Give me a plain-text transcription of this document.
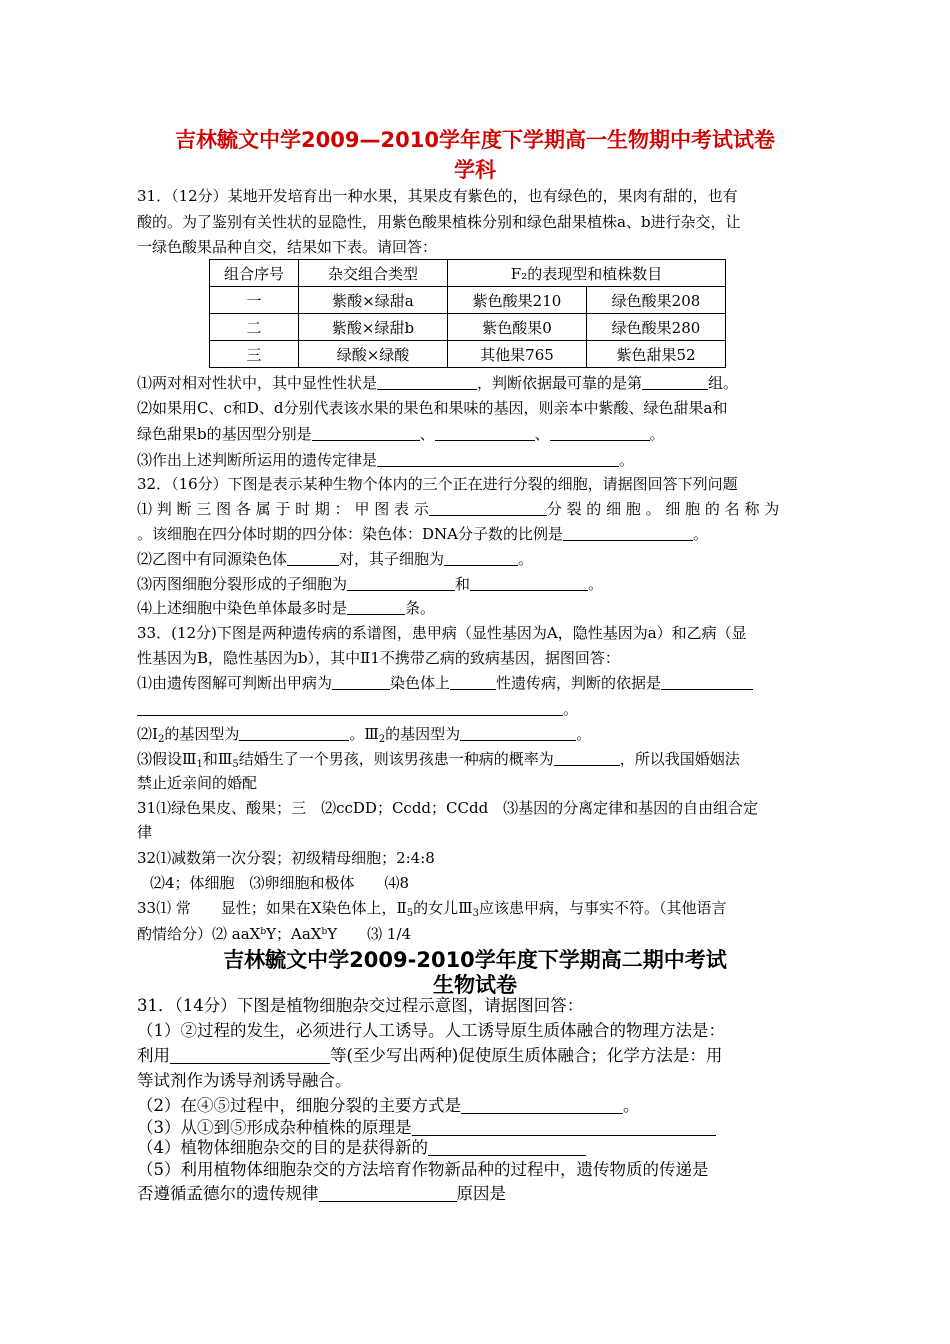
吉林毓文中学2009—2010学年度下学期高一生物期中考试试卷
学科
31．（12分）某地开发培育出一种水果，其果皮有紫色的，也有绿色的，果肉有甜的，也有
酸的。为了鉴别有关性状的显隐性，用紫色酸果植株分别和绿色甜果植株a、b进行杂交，让
一绿色酸果品种自交，结果如下表。请回答：
组合序号	杂交组合类型	F₂的表现型和植株数目	
一	紫酸×绿甜a	紫色酸果210	绿色酸果208
二	紫酸×绿甜b	紫色酸果0	绿色酸果280
三	绿酸×绿酸	其他果765	紫色甜果52
⑴两对相对性状中，其中显性性状是	，判断依据最可靠的是第	组。
⑵如果用C、c和D、d分别代表该水果的果色和果味的基因，则亲本中紫酸、绿色甜果a和
绿色甜果b的基因型分别是	、	、	。
⑶作出上述判断所运用的遗传定律是	。
32．（16分）下图是表示某种生物个体内的三个正在进行分裂的细胞，请据图回答下列问题
⑴ 判 断 三 图 各 属 于 时 期 ： 甲 图 表 示	分 裂 的 细 胞 。 细 胞 的 名 称 为
。该细胞在四分体时期的四分体：染色体：DNA分子数的比例是	。
⑵乙图中有同源染色体	对，其子细胞为	。
⑶丙图细胞分裂形成的子细胞为	和	。
⑷上述细胞中染色单体最多时是	条。
33．(12分)下图是两种遗传病的系谱图，患甲病（显性基因为A，隐性基因为a）和乙病（显
性基因为B，隐性基因为b），其中Ⅱ1不携带乙病的致病基因，据图回答：
⑴由遗传图解可判断出甲病为	染色体上	性遗传病，判断的依据是
。
$⑵Ⅰ_2$的基因型为	。$Ⅲ_2$的基因型为	。
⑶假设$Ⅲ_1$和$Ⅲ_5$结婚生了一个男孩，则该男孩患一种病的概率为	，所以我国婚姻法
禁止近亲间的婚配
31⑴绿色果皮、酸果；三　⑵ccDD；Ccdd；CCdd　⑶基因的分离定律和基因的自由组合定
律
32⑴减数第一次分裂；初级精母细胞；2:4:8
⑵4；体细胞　⑶卵细胞和极体　　⑷8
33⑴ 常　　显性；如果在X染色体上，$Ⅱ_5$的女儿$Ⅲ_3$应该患甲病，与事实不符。（其他语言
酌情给分）⑵ aaX$^b$Y；AaX$^b$Y　　⑶ 1/4
吉林毓文中学2009-2010学年度下学期高二期中考试
生物试卷
31．（14分）下图是植物细胞杂交过程示意图，请据图回答：
（1）②过程的发生，必须进行人工诱导。人工诱导原生质体融合的物理方法是：
利用	等(至少写出两种)促使原生质体融合；化学方法是：用
等试剂作为诱导剂诱导融合。
（2）在④⑤过程中，细胞分裂的主要方式是	。
（3）从①到⑤形成杂种植株的原理是
（4）植物体细胞杂交的目的是获得新的
（5）利用植物体细胞杂交的方法培育作物新品种的过程中，遗传物质的传递是
否遵循孟德尔的遗传规律	原因是
